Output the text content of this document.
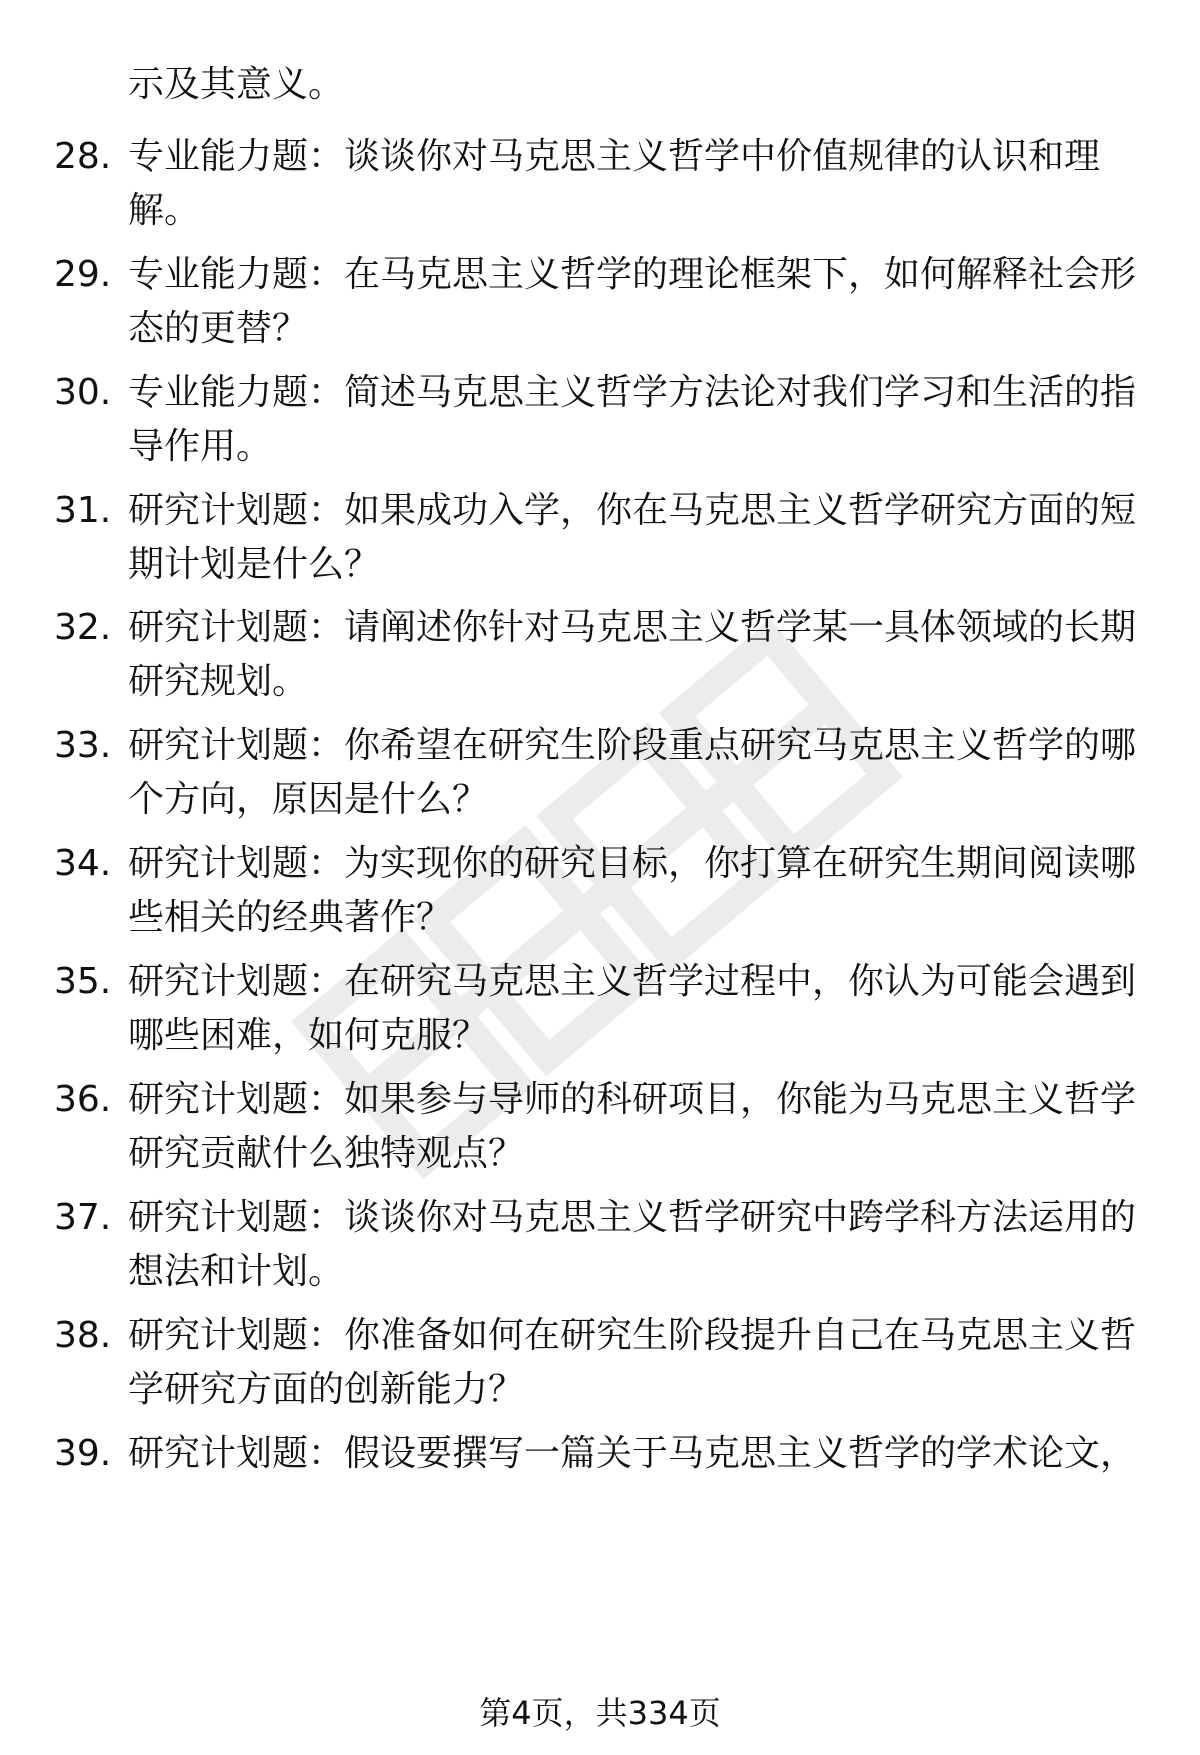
示及其意义。
28. 专业能力题：谈谈你对马克思主义哲学中价值规律的认识和理解。
29. 专业能力题：在马克思主义哲学的理论框架下，如何解释社会形态的更替？
30. 专业能力题：简述马克思主义哲学方法论对我们学习和生活的指导作用。
31. 研究计划题：如果成功入学，你在马克思主义哲学研究方面的短期计划是什么？
32. 研究计划题：请阐述你针对马克思主义哲学某一具体领域的长期研究规划。
33. 研究计划题：你希望在研究生阶段重点研究马克思主义哲学的哪个方向，原因是什么？
34. 研究计划题：为实现你的研究目标，你打算在研究生期间阅读哪些相关的经典著作？
35. 研究计划题：在研究马克思主义哲学过程中，你认为可能会遇到哪些困难，如何克服？
36. 研究计划题：如果参与导师的科研项目，你能为马克思主义哲学研究贡献什么独特观点？
37. 研究计划题：谈谈你对马克思主义哲学研究中跨学科方法运用的想法和计划。
38. 研究计划题：你准备如何在研究生阶段提升自己在马克思主义哲学研究方面的创新能力？
39. 研究计划题：假设要撰写一篇关于马克思主义哲学的学术论文，
第4页，共334页
